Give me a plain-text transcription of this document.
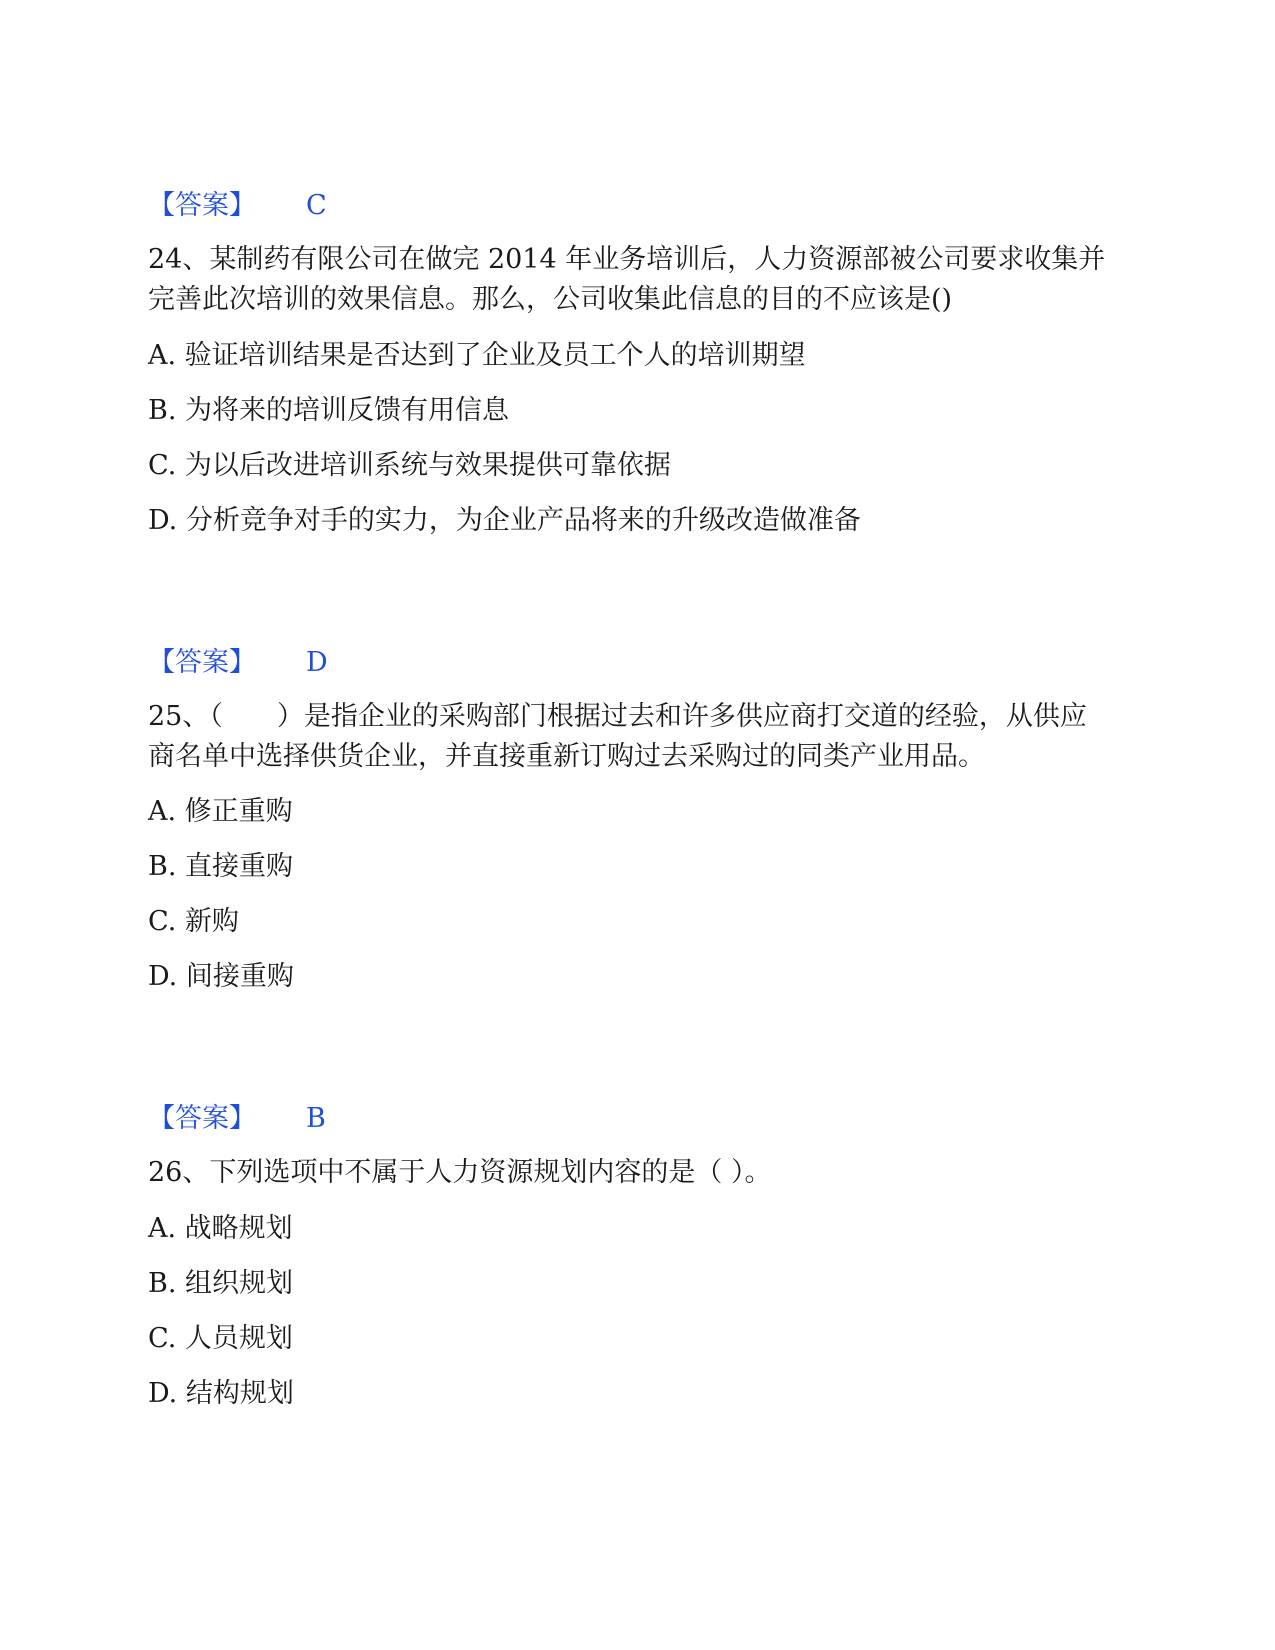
【答案】 C
24、某制药有限公司在做完 2014 年业务培训后，人力资源部被公司要求收集并完善此次培训的效果信息。那么，公司收集此信息的目的不应该是()
A. 验证培训结果是否达到了企业及员工个人的培训期望
B. 为将来的培训反馈有用信息
C. 为以后改进培训系统与效果提供可靠依据
D. 分析竞争对手的实力，为企业产品将来的升级改造做准备
【答案】 D
25、（　　）是指企业的采购部门根据过去和许多供应商打交道的经验，从供应商名单中选择供货企业，并直接重新订购过去采购过的同类产业用品。
A. 修正重购
B. 直接重购
C. 新购
D. 间接重购
【答案】 B
26、下列选项中不属于人力资源规划内容的是（ ）。
A. 战略规划
B. 组织规划
C. 人员规划
D. 结构规划
